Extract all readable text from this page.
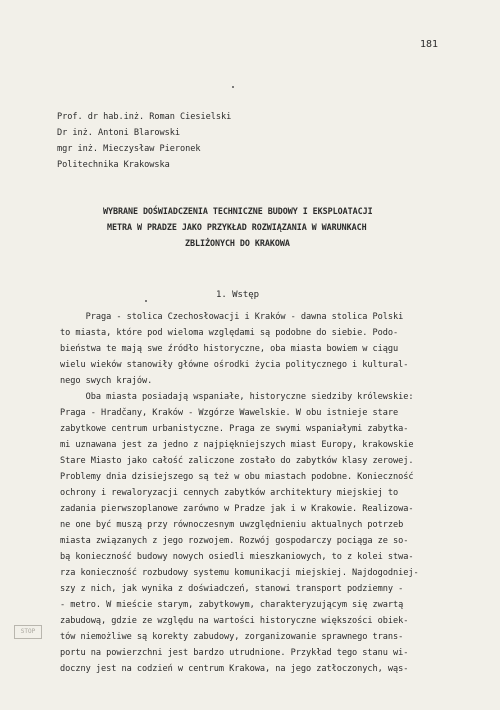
181
Prof. dr hab.inż. Roman Ciesielski
Dr inż. Antoni Blarowski
mgr inż. Mieczysław Pieronek
Politechnika Krakowska
WYBRANE DOŚWIADCZENIA TECHNICZNE BUDOWY I EKSPLOATACJI
METRA W PRADZE JAKO PRZYKŁAD ROZWIĄZANIA W WARUNKACH
ZBLIŻONYCH DO KRAKOWA
1. Wstęp
Praga - stolica Czechosłowacji i Kraków - dawna stolica Polski
to miasta, które pod wieloma względami są podobne do siebie. Podo-
bieństwa te mają swe źródło historyczne, oba miasta bowiem w ciągu
wielu wieków stanowiły główne ośrodki życia politycznego i kultural-
nego swych krajów.
Oba miasta posiadają wspaniałe, historyczne siedziby królewskie:
Praga - Hradčany, Kraków - Wzgórze Wawelskie. W obu istnieje stare
zabytkowe centrum urbanistyczne. Praga ze swymi wspaniałymi zabytka-
mi uznawana jest za jedno z najpiękniejszych miast Europy, krakowskie
Stare Miasto jako całość zaliczone zostało do zabytków klasy zerowej.
Problemy dnia dzisiejszego są też w obu miastach podobne. Konieczność
ochrony i rewaloryzacji cennych zabytków architektury miejskiej to
zadania pierwszoplanowe zarówno w Pradze jak i w Krakowie. Realizowa-
ne one być muszą przy równoczesnym uwzględnieniu aktualnych potrzeb
miasta związanych z jego rozwojem. Rozwój gospodarczy pociąga ze so-
bą konieczność budowy nowych osiedli mieszkaniowych, to z kolei stwa-
rza konieczność rozbudowy systemu komunikacji miejskiej. Najdogodniej-
szy z nich, jak wynika z doświadczeń, stanowi transport podziemny -
- metro. W mieście starym, zabytkowym, charakteryzującym się zwartą
zabudową, gdzie ze względu na wartości historyczne większości obiek-
tów niemożliwe są korekty zabudowy, zorganizowanie sprawnego trans-
portu na powierzchni jest bardzo utrudnione. Przykład tego stanu wi-
doczny jest na codzień w centrum Krakowa, na jego zatłoczonych, wąs-
STOP
